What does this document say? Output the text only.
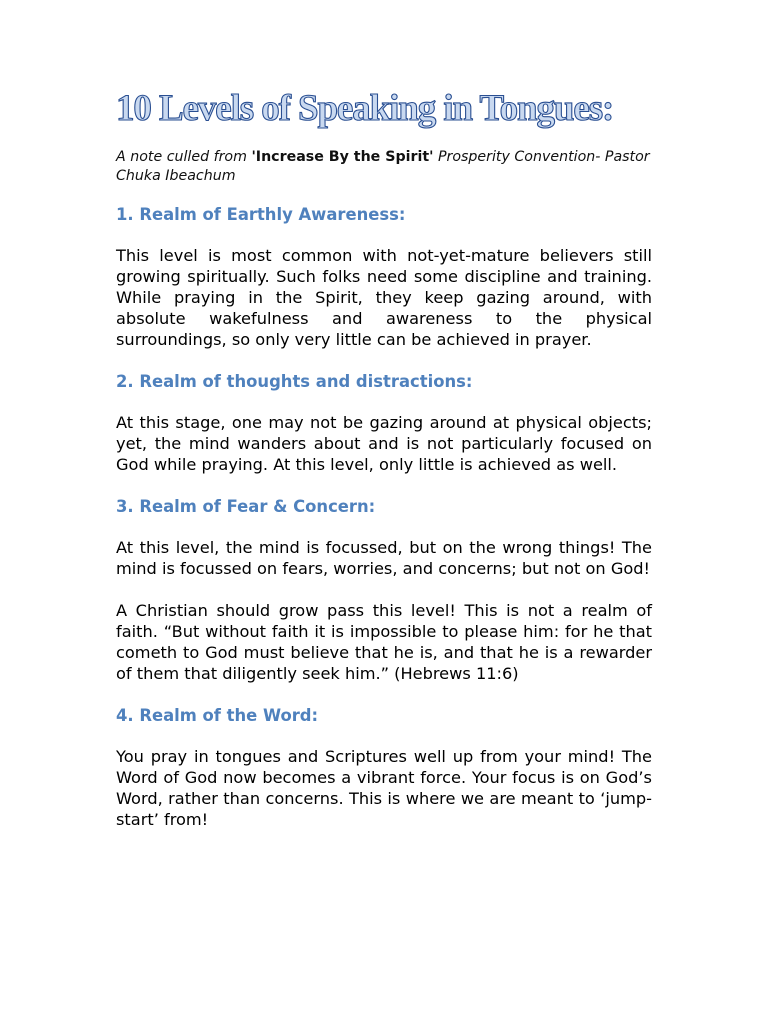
10 Levels of Speaking in Tongues:

A note culled from 'Increase By the Spirit' Prosperity Convention- Pastor Chuka Ibeachum

1. Realm of Earthly Awareness:

This level is most common with not-yet-mature believers still growing spiritually. Such folks need some discipline and training. While praying in the Spirit, they keep gazing around, with absolute wakefulness and awareness to the physical surroundings, so only very little can be achieved in prayer.

2. Realm of thoughts and distractions:

At this stage, one may not be gazing around at physical objects; yet, the mind wanders about and is not particularly focused on God while praying. At this level, only little is achieved as well.

3. Realm of Fear & Concern:

At this level, the mind is focussed, but on the wrong things! The mind is focussed on fears, worries, and concerns; but not on God!

A Christian should grow pass this level! This is not a realm of faith. “But without faith it is impossible to please him: for he that cometh to God must believe that he is, and that he is a rewarder of them that diligently seek him.” (Hebrews 11:6)

4. Realm of the Word:

You pray in tongues and Scriptures well up from your mind! The Word of God now becomes a vibrant force. Your focus is on God’s Word, rather than concerns. This is where we are meant to ‘jump-start’ from!
